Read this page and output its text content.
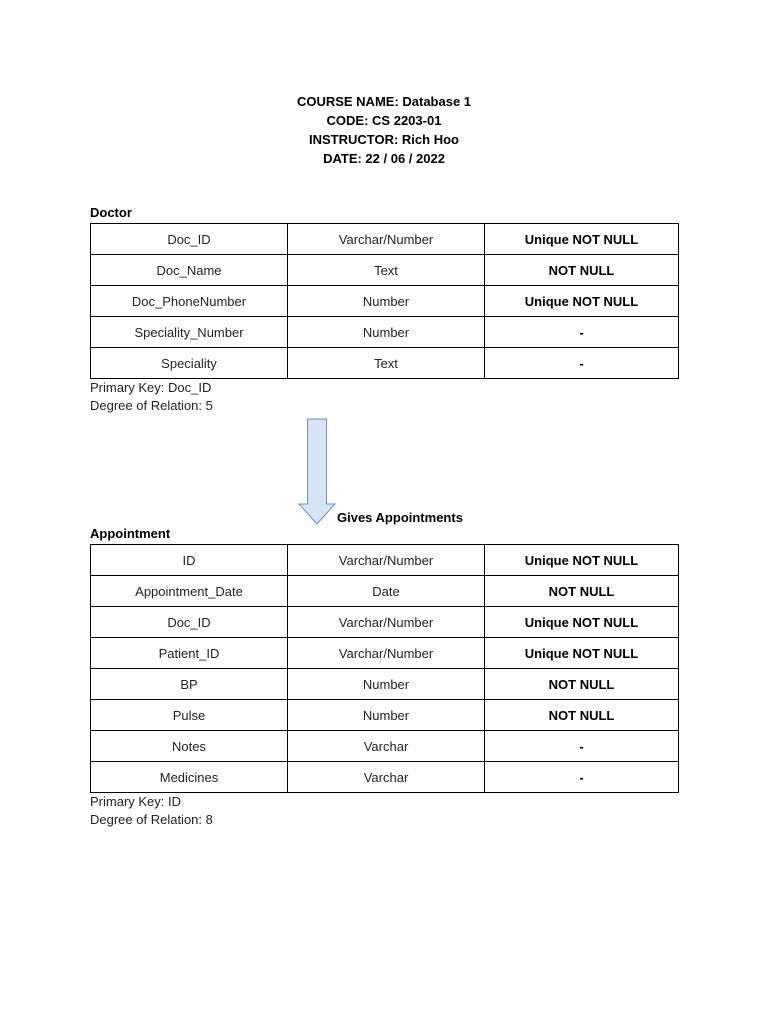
COURSE NAME: Database 1
CODE: CS 2203-01
INSTRUCTOR: Rich Hoo
DATE: 22 / 06 / 2022
Doctor
Doc_ID	Varchar/Number	Unique NOT NULL
Doc_Name	Text	NOT NULL
Doc_PhoneNumber	Number	Unique NOT NULL
Speciality_Number	Number	-
Speciality	Text	-
Primary Key: Doc_ID
Degree of Relation: 5
Gives Appointments
Appointment
ID	Varchar/Number	Unique NOT NULL
Appointment_Date	Date	NOT NULL
Doc_ID	Varchar/Number	Unique NOT NULL
Patient_ID	Varchar/Number	Unique NOT NULL
BP	Number	NOT NULL
Pulse	Number	NOT NULL
Notes	Varchar	-
Medicines	Varchar	-
Primary Key: ID
Degree of Relation: 8
